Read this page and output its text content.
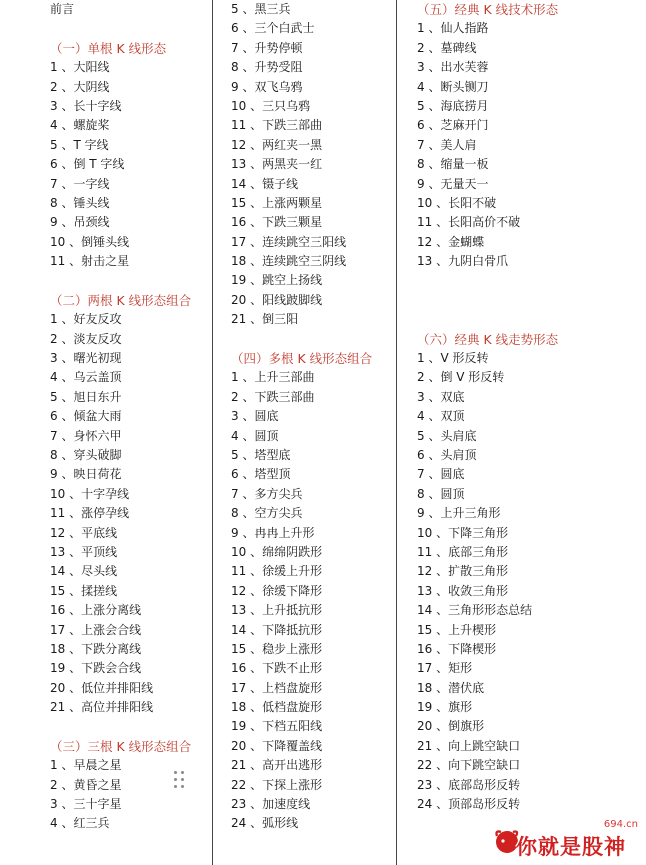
前言
（一）单根 K 线形态
1 、大阳线
2 、大阴线
3 、长十字线
4 、螺旋桨
5 、T 字线
6 、倒 T 字线
7 、一字线
8 、锤头线
9 、吊颈线
10 、倒锤头线
11 、射击之星
（二）两根 K 线形态组合
1 、好友反攻
2 、淡友反攻
3 、曙光初现
4 、乌云盖顶
5 、旭日东升
6 、倾盆大雨
7 、身怀六甲
8 、穿头破脚
9 、映日荷花
10 、十字孕线
11 、涨停孕线
12 、平底线
13 、平顶线
14 、尽头线
15 、揉搓线
16 、上涨分离线
17 、上涨会合线
18 、下跌分离线
19 、下跌会合线
20 、低位并排阳线
21 、高位并排阳线
（三）三根 K 线形态组合
1 、早晨之星
2 、黄昏之星
3 、三十字星
4 、红三兵
5 、黑三兵
6 、三个白武士
7 、升势停顿
8 、升势受阻
9 、双飞乌鸦
10 、三只乌鸦
11 、下跌三部曲
12 、两红夹一黑
13 、两黑夹一红
14 、镊子线
15 、上涨两颗星
16 、下跌三颗星
17 、连续跳空三阳线
18 、连续跳空三阴线
19 、跳空上扬线
20 、阳线跛脚线
21 、倒三阳
（四）多根 K 线形态组合
1 、上升三部曲
2 、下跌三部曲
3 、圆底
4 、圆顶
5 、塔型底
6 、塔型顶
7 、多方尖兵
8 、空方尖兵
9 、冉冉上升形
10 、绵绵阴跌形
11 、徐缓上升形
12 、徐缓下降形
13 、上升抵抗形
14 、下降抵抗形
15 、稳步上涨形
16 、下跌不止形
17 、上档盘旋形
18 、低档盘旋形
19 、下档五阳线
20 、下降覆盖线
21 、高开出逃形
22 、下探上涨形
23 、加速度线
24 、弧形线
（五）经典 K 线技术形态
1 、仙人指路
2 、墓碑线
3 、出水芙蓉
4 、断头铡刀
5 、海底捞月
6 、芝麻开门
7 、美人肩
8 、缩量一板
9 、无量天一
10 、长阳不破
11 、长阳高价不破
12 、金蝴蝶
13 、九阴白骨爪
（六）经典 K 线走势形态
1 、V 形反转
2 、倒 V 形反转
3 、双底
4 、双顶
5 、头肩底
6 、头肩顶
7 、圆底
8 、圆顶
9 、上升三角形
10 、下降三角形
11 、底部三角形
12 、扩散三角形
13 、收敛三角形
14 、三角形形态总结
15 、上升楔形
16 、下降楔形
17 、矩形
18 、潜伏底
19 、旗形
20 、倒旗形
21 、向上跳空缺口
22 、向下跳空缺口
23 、底部岛形反转
24 、顶部岛形反转
694.cn
你就是股神
